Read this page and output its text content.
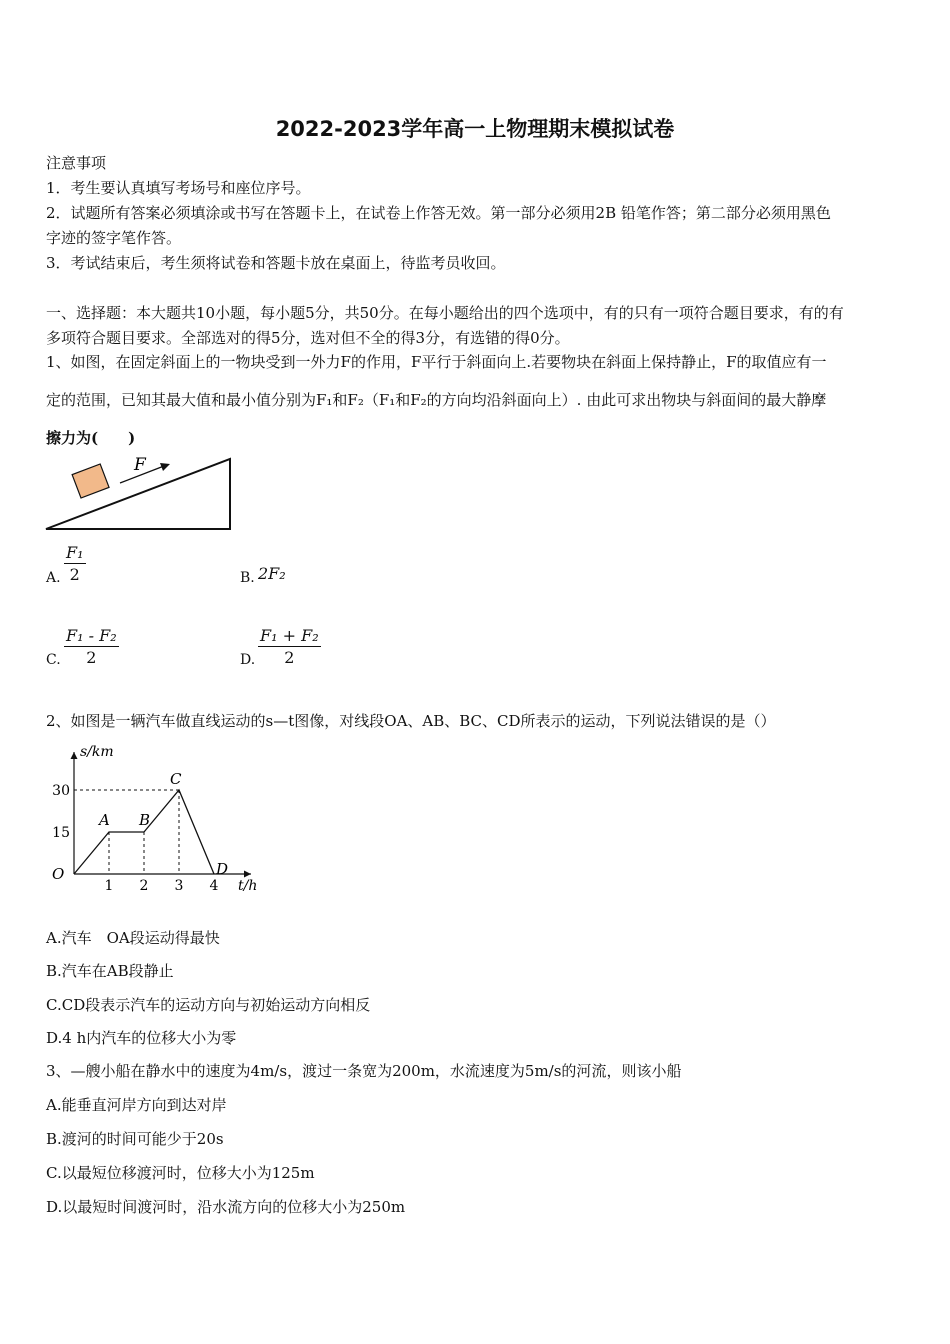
2022-2023学年高一上物理期末模拟试卷
注意事项
1．考生要认真填写考场号和座位序号。
2．试题所有答案必须填涂或书写在答题卡上，在试卷上作答无效。第一部分必须用2B 铅笔作答；第二部分必须用黑色
字迹的签字笔作答。
3．考试结束后，考生须将试卷和答题卡放在桌面上，待监考员收回。
一、选择题：本大题共10小题，每小题5分，共50分。在每小题给出的四个选项中，有的只有一项符合题目要求，有的有
多项符合题目要求。全部选对的得5分，选对但不全的得3分，有选错的得0分。
1、如图，在固定斜面上的一物块受到一外力F的作用，F平行于斜面向上.若要物块在斜面上保持静止，F的取值应有一
定的范围，已知其最大值和最小值分别为F₁和F₂（F₁和F₂的方向均沿斜面向上）. 由此可求出物块与斜面间的最大静摩
擦力为(　　)
F
A. $\frac{\text{F₁}}{2}$	B. 2F₂
C. $\frac{\text{F₁ - F₂}}{2}$	D. $\frac{\text{F₁ + F₂}}{2}$
2、如图是一辆汽车做直线运动的s—t图像，对线段OA、AB、BC、CD所表示的运动，下列说法错误的是（）
s/km
t/h
30
15
1 2 3 4
O
A B
C
D
A.汽车　OA段运动得最快
B.汽车在AB段静止
C.CD段表示汽车的运动方向与初始运动方向相反
D.4 h内汽车的位移大小为零
3、—艘小船在静水中的速度为4m/s，渡过一条宽为200m，水流速度为5m/s的河流，则该小船
A.能垂直河岸方向到达对岸
B.渡河的时间可能少于20s
C.以最短位移渡河时，位移大小为125m
D.以最短时间渡河时，沿水流方向的位移大小为250m
